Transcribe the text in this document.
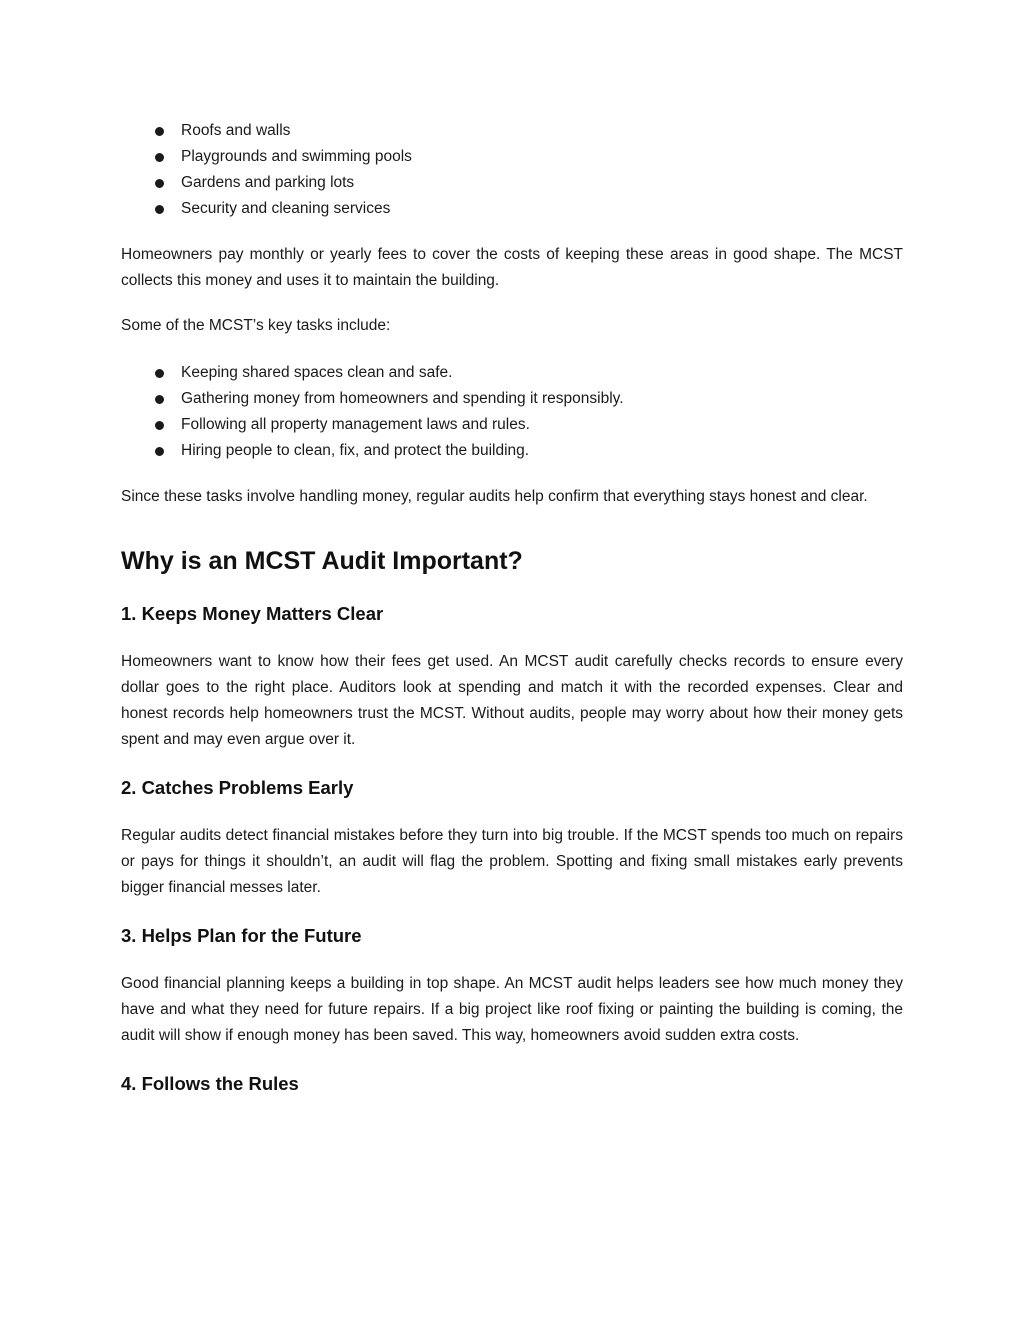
Roofs and walls
Playgrounds and swimming pools
Gardens and parking lots
Security and cleaning services

Homeowners pay monthly or yearly fees to cover the costs of keeping these areas in good shape. The MCST collects this money and uses it to maintain the building.

Some of the MCST’s key tasks include:

Keeping shared spaces clean and safe.
Gathering money from homeowners and spending it responsibly.
Following all property management laws and rules.
Hiring people to clean, fix, and protect the building.

Since these tasks involve handling money, regular audits help confirm that everything stays honest and clear.

Why is an MCST Audit Important?
1. Keeps Money Matters Clear

Homeowners want to know how their fees get used. An MCST audit carefully checks records to ensure every dollar goes to the right place. Auditors look at spending and match it with the recorded expenses. Clear and honest records help homeowners trust the MCST. Without audits, people may worry about how their money gets spent and may even argue over it.

2. Catches Problems Early

Regular audits detect financial mistakes before they turn into big trouble. If the MCST spends too much on repairs or pays for things it shouldn’t, an audit will flag the problem. Spotting and fixing small mistakes early prevents bigger financial messes later.

3. Helps Plan for the Future

Good financial planning keeps a building in top shape. An MCST audit helps leaders see how much money they have and what they need for future repairs. If a big project like roof fixing or painting the building is coming, the audit will show if enough money has been saved. This way, homeowners avoid sudden extra costs.

4. Follows the Rules
